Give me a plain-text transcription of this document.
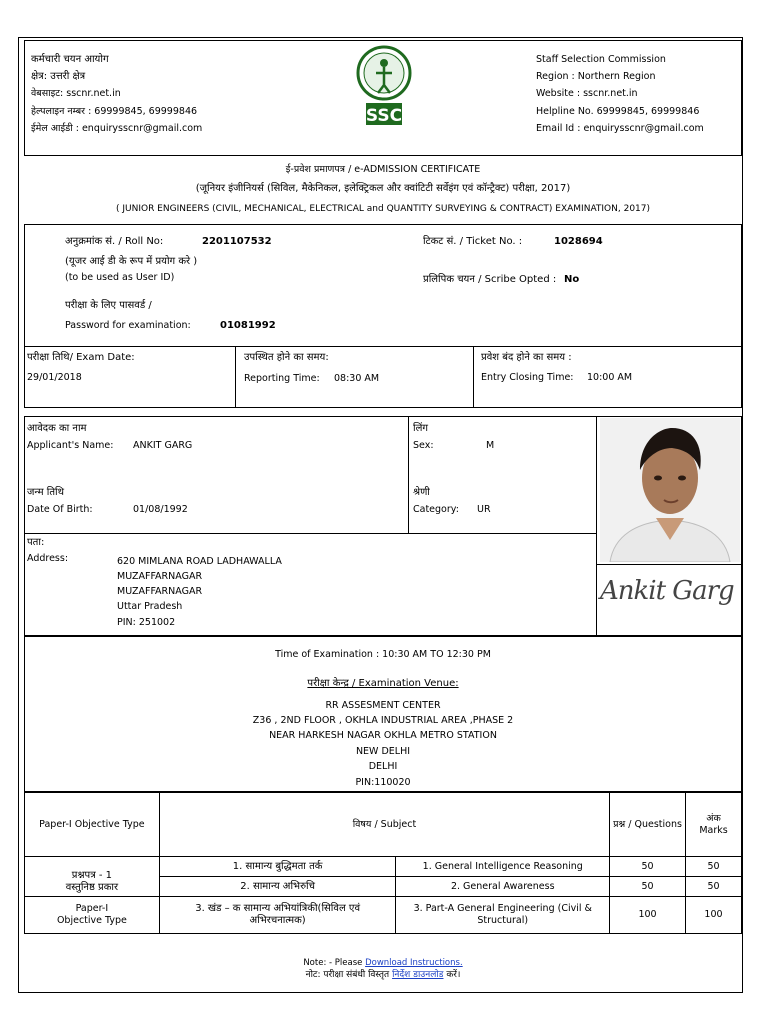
कर्मचारी चयन आयोग
क्षेत्र: उत्तरी क्षेत्र
वेबसाइट: sscnr.net.in
हेल्पलाइन नम्बर : 69999845, 69999846
ईमेल आईडी : enquirysscnr@gmail.com
SSC
Staff Selection Commission
Region : Northern Region
Website : sscnr.net.in
Helpline No. 69999845, 69999846
Email Id : enquirysscnr@gmail.com
ई-प्रवेश प्रमाणपत्र / e-ADMISSION CERTIFICATE
(जूनियर इंजीनियर्स (सिविल, मैकेनिकल, इलेक्ट्रिकल और क्वांटिटी सर्वेइंग एवं कॉन्ट्रैक्ट) परीक्षा, 2017)
( JUNIOR ENGINEERS (CIVIL, MECHANICAL, ELECTRICAL and QUANTITY SURVEYING & CONTRACT) EXAMINATION, 2017)
अनुक्रमांक सं. / Roll No:	2201107532
(यूजर आई डी के रूप में प्रयोग करे )
(to be used as User ID)
परीक्षा के लिए पासवर्ड /
Password for examination:	01081992
टिकट सं. / Ticket No. :	1028694
प्रलिपिक चयन / Scribe Opted : No
परीक्षा तिथि/ Exam Date:
29/01/2018
उपस्थित होने का समय:
Reporting Time: 08:30 AM
प्रवेश बंद होने का समय :
Entry Closing Time: 10:00 AM
आवेदक का नाम
Applicant's Name: ANKIT GARG
लिंग
Sex:	M
जन्म तिथि
Date Of Birth:	01/08/1992
श्रेणी
Category: UR
पता:
Address:	620 MIMLANA ROAD LADHAWALLA
MUZAFFARNAGAR
MUZAFFARNAGAR
Uttar Pradesh
PIN: 251002
Ankit Garg
Time of Examination : 10:30 AM TO 12:30 PM
परीक्षा केन्द्र / Examination Venue:
RR ASSESMENT CENTER
Z36 , 2ND FLOOR , OKHLA INDUSTRIAL AREA ,PHASE 2
NEAR HARKESH NAGAR OKHLA METRO STATION
NEW DELHI
DELHI
PIN:110020
Paper-I Objective Type	विषय / Subject		प्रश्न / Questions	अंक
Marks
प्रश्नपत्र - 1
वस्तुनिष्ठ प्रकार	1. सामान्य बुद्धिमता तर्क	1. General Intelligence Reasoning	50	50
	2. सामान्य अभिरुचि	2. General Awareness	50	50
Paper-I
Objective Type	3. खंड – क सामान्य अभियांत्रिकी(सिविल एवं
अभिरचनात्मक)	3. Part-A General Engineering (Civil &
Structural)	100	100
Note: - Please Download Instructions.
नोट: परीक्षा संबंधी विस्तृत निर्देश डाउनलोड करें।
